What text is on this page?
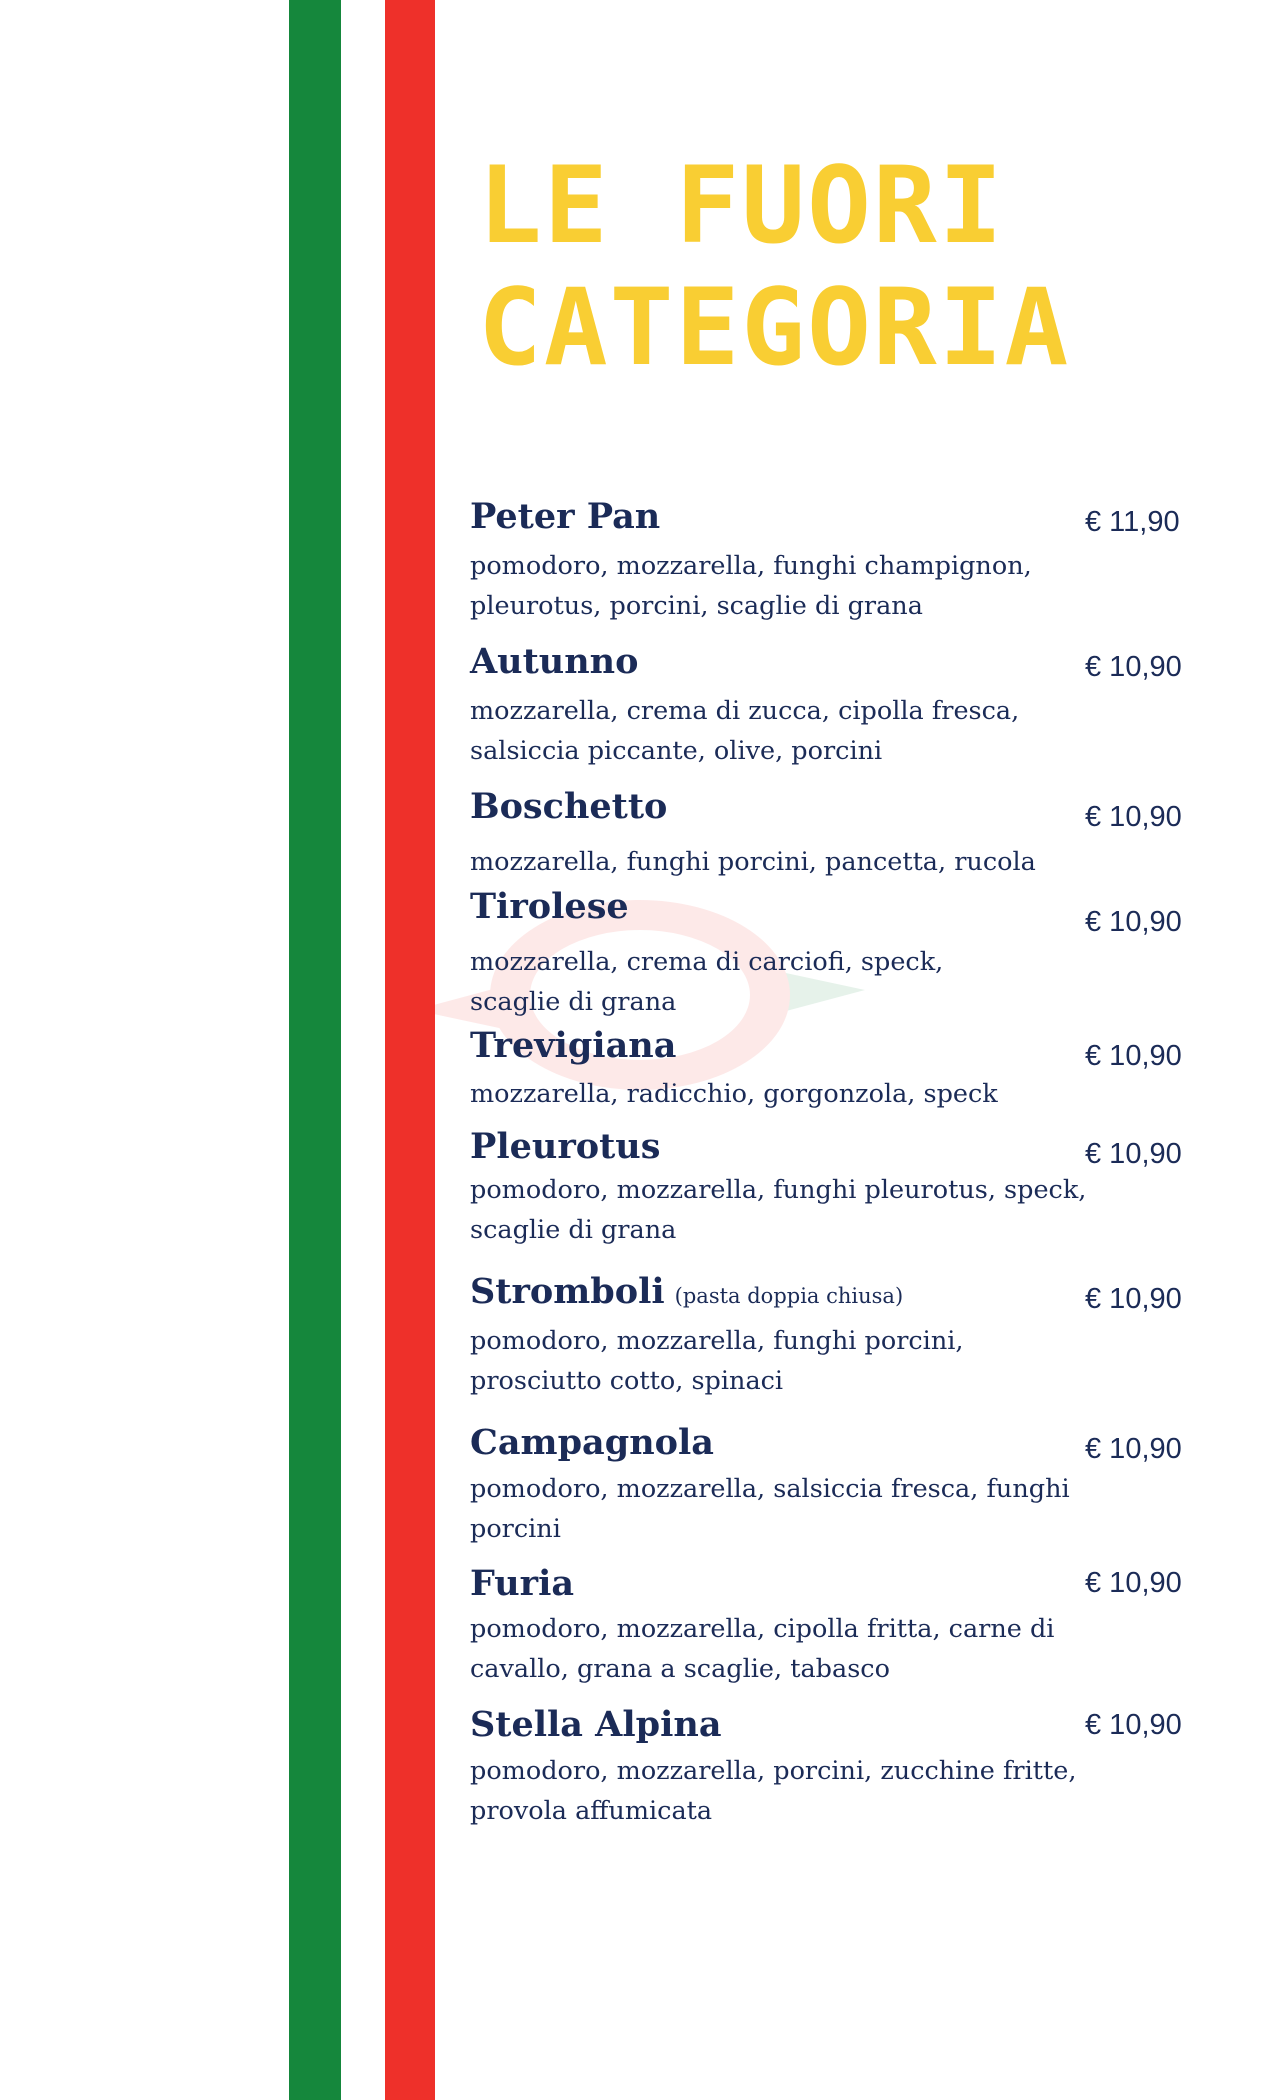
LE FUORI
CATEGORIA
Peter Pan	€ 11,90
pomodoro, mozzarella, funghi champignon,
pleurotus, porcini, scaglie di grana
Autunno	€ 10,90
mozzarella, crema di zucca, cipolla fresca,
salsiccia piccante, olive, porcini
Boschetto	€ 10,90
mozzarella, funghi porcini, pancetta, rucola
Tirolese	€ 10,90
mozzarella, crema di carciofi, speck,
scaglie di grana
Trevigiana	€ 10,90
mozzarella, radicchio, gorgonzola, speck
Pleurotus	€ 10,90
pomodoro, mozzarella, funghi pleurotus, speck,
scaglie di grana
Stromboli (pasta doppia chiusa)	€ 10,90
pomodoro, mozzarella, funghi porcini,
prosciutto cotto, spinaci
Campagnola	€ 10,90
pomodoro, mozzarella, salsiccia fresca, funghi
porcini
Furia	€ 10,90
pomodoro, mozzarella, cipolla fritta, carne di
cavallo, grana a scaglie, tabasco
Stella Alpina	€ 10,90
pomodoro, mozzarella, porcini, zucchine fritte,
provola affumicata
